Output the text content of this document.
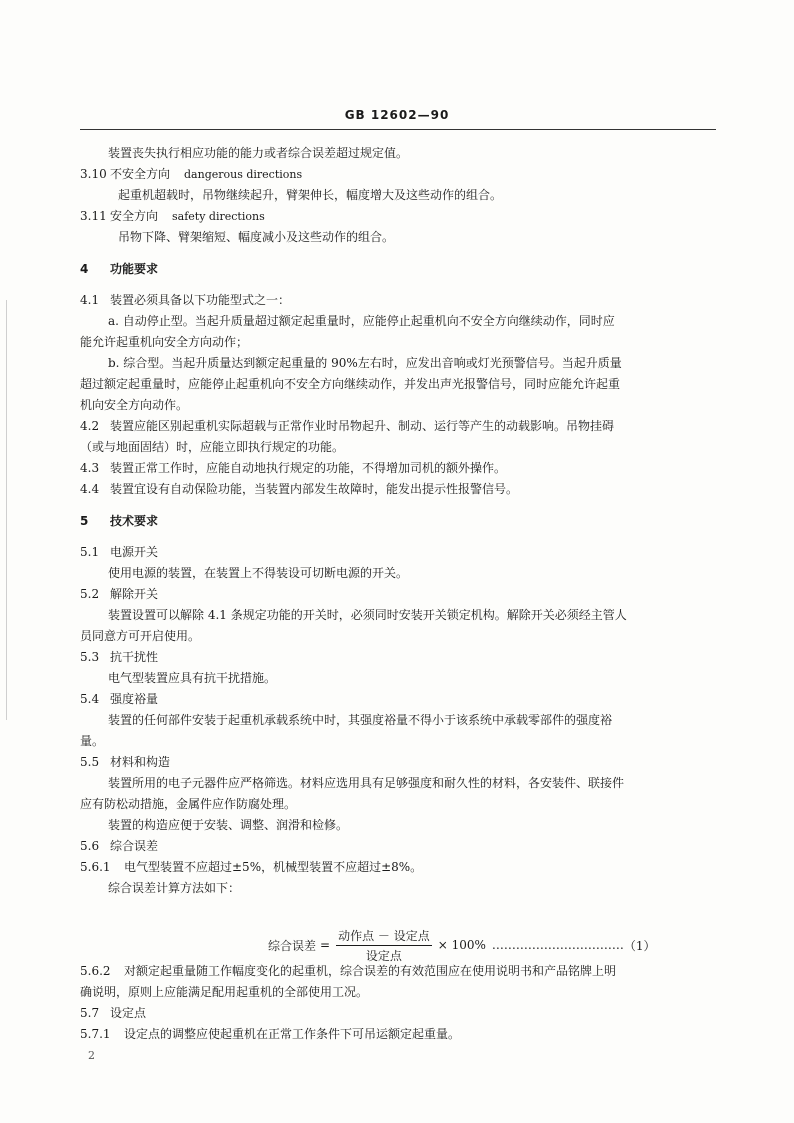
GB 12602—90
装置丧失执行相应功能的能力或者综合误差超过规定值。
3.10 不安全方向 dangerous directions
起重机超载时，吊物继续起升，臂架伸长，幅度增大及这些动作的组合。
3.11 安全方向 safety directions
吊物下降、臂架缩短、幅度减小及这些动作的组合。
4 功能要求
4.1 装置必须具备以下功能型式之一：
a. 自动停止型。当起升质量超过额定起重量时，应能停止起重机向不安全方向继续动作，同时应
能允许起重机向安全方向动作；
b. 综合型。当起升质量达到额定起重量的 90%左右时，应发出音响或灯光预警信号。当起升质量
超过额定起重量时，应能停止起重机向不安全方向继续动作，并发出声光报警信号，同时应能允许起重
机向安全方向动作。
4.2 装置应能区别起重机实际超载与正常作业时吊物起升、制动、运行等产生的动载影响。吊物挂碍
（或与地面固结）时，应能立即执行规定的功能。
4.3 装置正常工作时，应能自动地执行规定的功能，不得增加司机的额外操作。
4.4 装置宜设有自动保险功能，当装置内部发生故障时，能发出提示性报警信号。
5 技术要求
5.1 电源开关
使用电源的装置，在装置上不得装设可切断电源的开关。
5.2 解除开关
装置设置可以解除 4.1 条规定功能的开关时，必须同时安装开关锁定机构。解除开关必须经主管人
员同意方可开启使用。
5.3 抗干扰性
电气型装置应具有抗干扰措施。
5.4 强度裕量
装置的任何部件安装于起重机承载系统中时，其强度裕量不得小于该系统中承载零部件的强度裕
量。
5.5 材料和构造
装置所用的电子元器件应严格筛选。材料应选用具有足够强度和耐久性的材料，各安装件、联接件
应有防松动措施，金属件应作防腐处理。
装置的构造应便于安装、调整、润滑和检修。
5.6 综合误差
5.6.1 电气型装置不应超过±5%，机械型装置不应超过±8%。
综合误差计算方法如下：
综合误差 = $\frac{\text{动作点 － 设定点}}{\text{设定点}} \times 100\%$ …………………………… （1）
5.6.2 对额定起重量随工作幅度变化的起重机，综合误差的有效范围应在使用说明书和产品铭牌上明
确说明，原则上应能满足配用起重机的全部使用工况。
5.7 设定点
5.7.1 设定点的调整应使起重机在正常工作条件下可吊运额定起重量。
2
